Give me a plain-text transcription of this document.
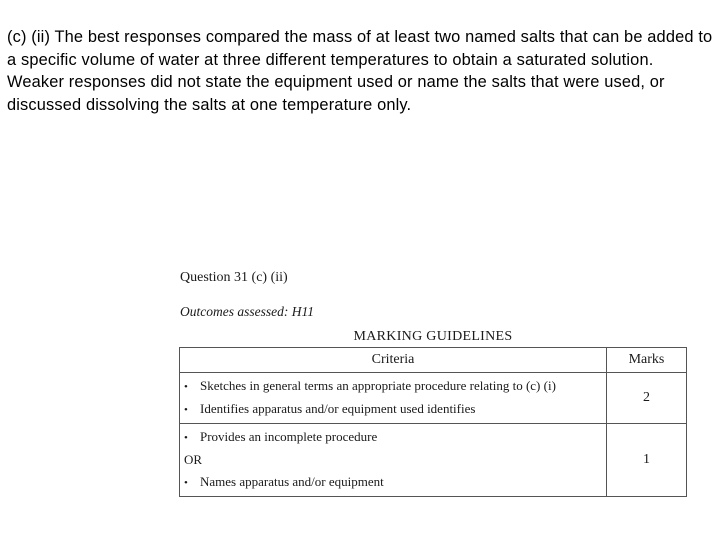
(c) (ii) The best responses compared the mass of at least two named salts that can be added to a specific volume of water at three different temperatures to obtain a saturated solution. Weaker responses did not state the equipment used or name the salts that were used, or discussed dissolving the salts at one temperature only.

Question 31 (c) (ii)

Outcomes assessed: H11

MARKING GUIDELINES

Criteria	Marks

• Sketches in general terms an appropriate procedure relating to (c) (i)
• Identifies apparatus and/or equipment used identifies	2

• Provides an incomplete procedure
OR
• Names apparatus and/or equipment	1
